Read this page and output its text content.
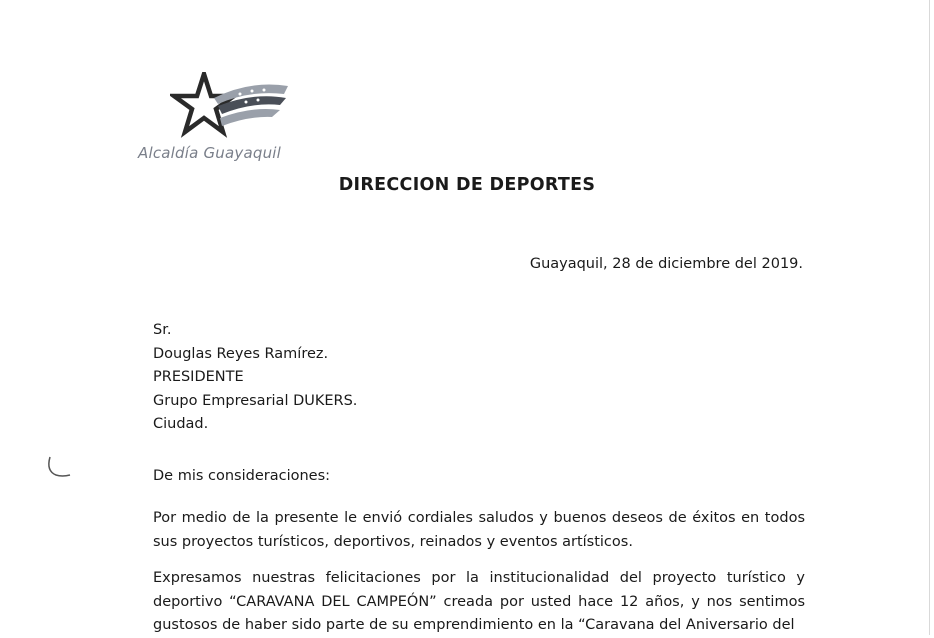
Alcaldía Guayaquil
DIRECCION DE DEPORTES
Guayaquil, 28 de diciembre del 2019.
Sr.
Douglas Reyes Ramírez.
PRESIDENTE
Grupo Empresarial DUKERS.
Ciudad.
De mis consideraciones:
Por medio de la presente le envió cordiales saludos y buenos deseos de éxitos en todos sus proyectos turísticos, deportivos, reinados y eventos artísticos.
Expresamos nuestras felicitaciones por la institucionalidad del proyecto turístico y deportivo “CARAVANA DEL CAMPEÓN” creada por usted hace 12 años, y nos sentimos gustosos de haber sido parte de su emprendimiento en la “Caravana del Aniversario del
